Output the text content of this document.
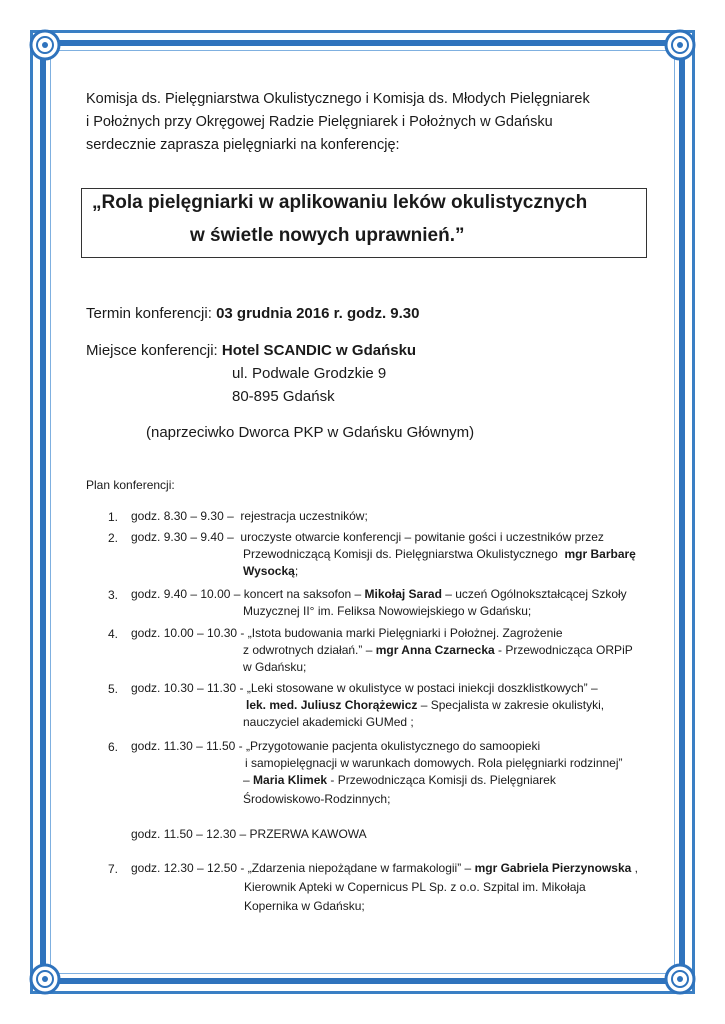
Komisja ds. Pielęgniarstwa Okulistycznego i Komisja ds. Młodych Pielęgniarek
i Położnych przy Okręgowej Radzie Pielęgniarek i Położnych w Gdańsku
serdecznie zaprasza pielęgniarki na konferencję:
„Rola pielęgniarki w aplikowaniu leków okulistycznych
w świetle nowych uprawnień.”
Termin konferencji: 03 grudnia 2016 r. godz. 9.30
Miejsce konferencji: Hotel SCANDIC w Gdańsku
ul. Podwale Grodzkie 9
80-895 Gdańsk
(naprzeciwko Dworca PKP w Gdańsku Głównym)
Plan konferencji:
1. godz. 8.30 – 9.30 – rejestracja uczestników;
2. godz. 9.30 – 9.40 – uroczyste otwarcie konferencji – powitanie gości i uczestników przez
Przewodniczącą Komisji ds. Pielęgniarstwa Okulistycznego mgr Barbarę
Wysocką;
3. godz. 9.40 – 10.00 – koncert na saksofon – Mikołaj Sarad – uczeń Ogólnokształcącej Szkoły
Muzycznej II° im. Feliksa Nowowiejskiego w Gdańsku;
4. godz. 10.00 – 10.30 - „Istota budowania marki Pielęgniarki i Położnej. Zagrożenie
z odwrotnych działań.” – mgr Anna Czarnecka - Przewodnicząca ORPiP
w Gdańsku;
5. godz. 10.30 – 11.30 - „Leki stosowane w okulistyce w postaci iniekcji doszklistkowych” –
lek. med. Juliusz Chorążewicz – Specjalista w zakresie okulistyki,
nauczyciel akademicki GUMed ;
6. godz. 11.30 – 11.50 - „Przygotowanie pacjenta okulistycznego do samoopieki
i samopielęgnacji w warunkach domowych. Rola pielęgniarki rodzinnej”
– Maria Klimek - Przewodnicząca Komisji ds. Pielęgniarek
Środowiskowo-Rodzinnych;
godz. 11.50 – 12.30 – PRZERWA KAWOWA
7. godz. 12.30 – 12.50 - „Zdarzenia niepożądane w farmakologii” – mgr Gabriela Pierzynowska ,
Kierownik Apteki w Copernicus PL Sp. z o.o. Szpital im. Mikołaja
Kopernika w Gdańsku;
